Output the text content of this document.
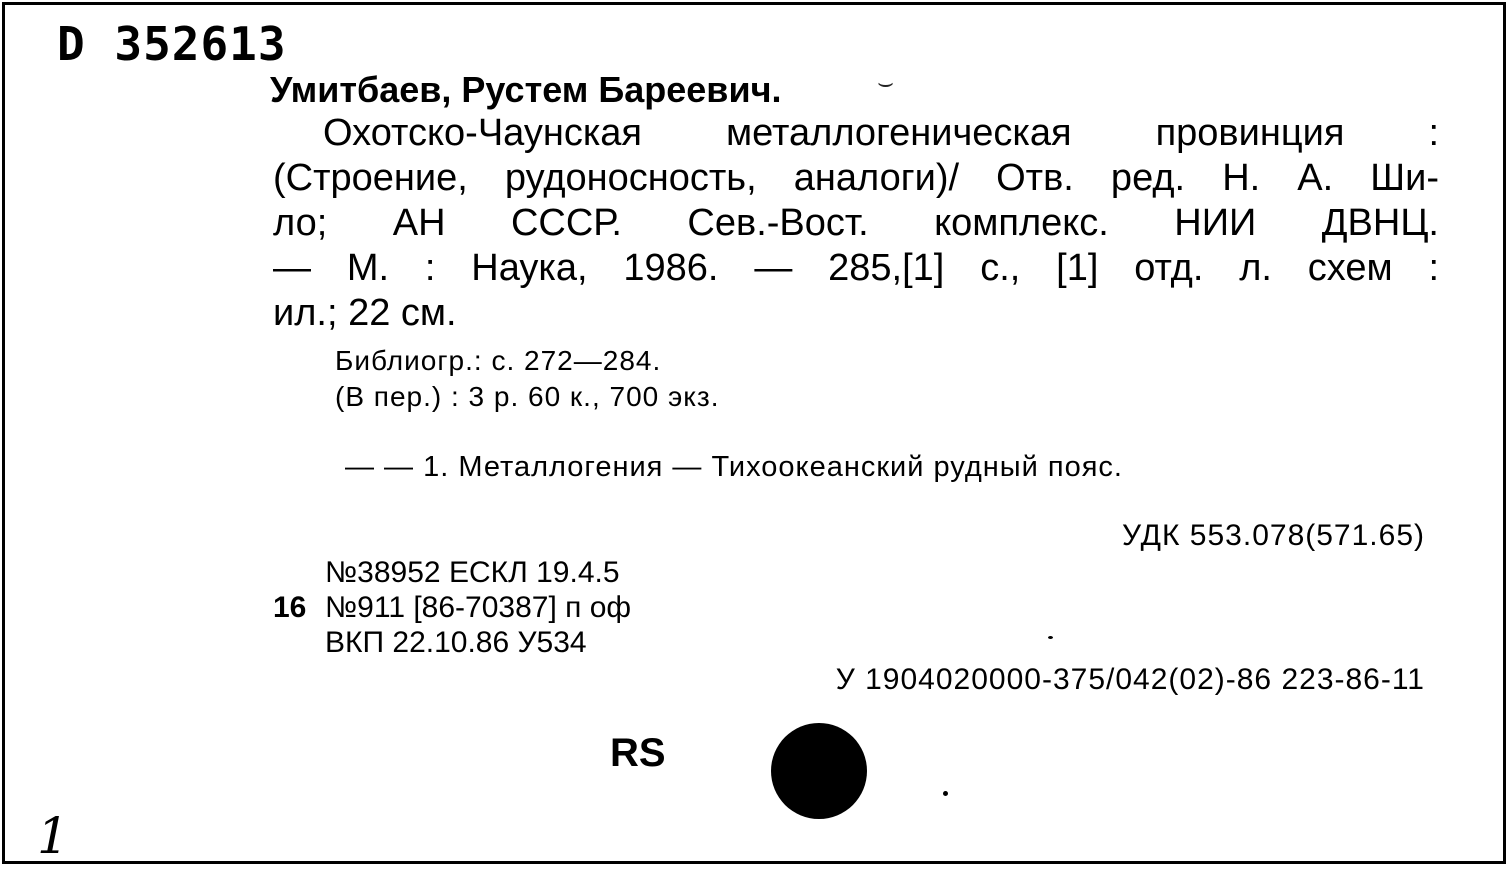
D 352613
Умитбаев, Рустем Бареевич.	⌣
Охотско-Чаунская металлогеническая провинция :
(Строение, рудоносность, аналоги)/ Отв. ред. Н. А. Ши-
ло; АН СССР. Сев.-Вост. комплекс. НИИ ДВНЦ.
— М. : Наука, 1986. — 285,[1] с., [1] отд. л. схем :
ил.; 22 см.
Библиогр.: с. 272—284.
(В пер.) : 3 р. 60 к., 700 экз.
— — 1. Металлогения — Тихоокеанский рудный пояс.
УДК 553.078(571.65)
№38952 ЕСКЛ 19.4.5
16 №911 [86-70387] п оф
ВКП 22.10.86 У534
У 1904020000-375/042(02)-86 223-86-11
RS
1
